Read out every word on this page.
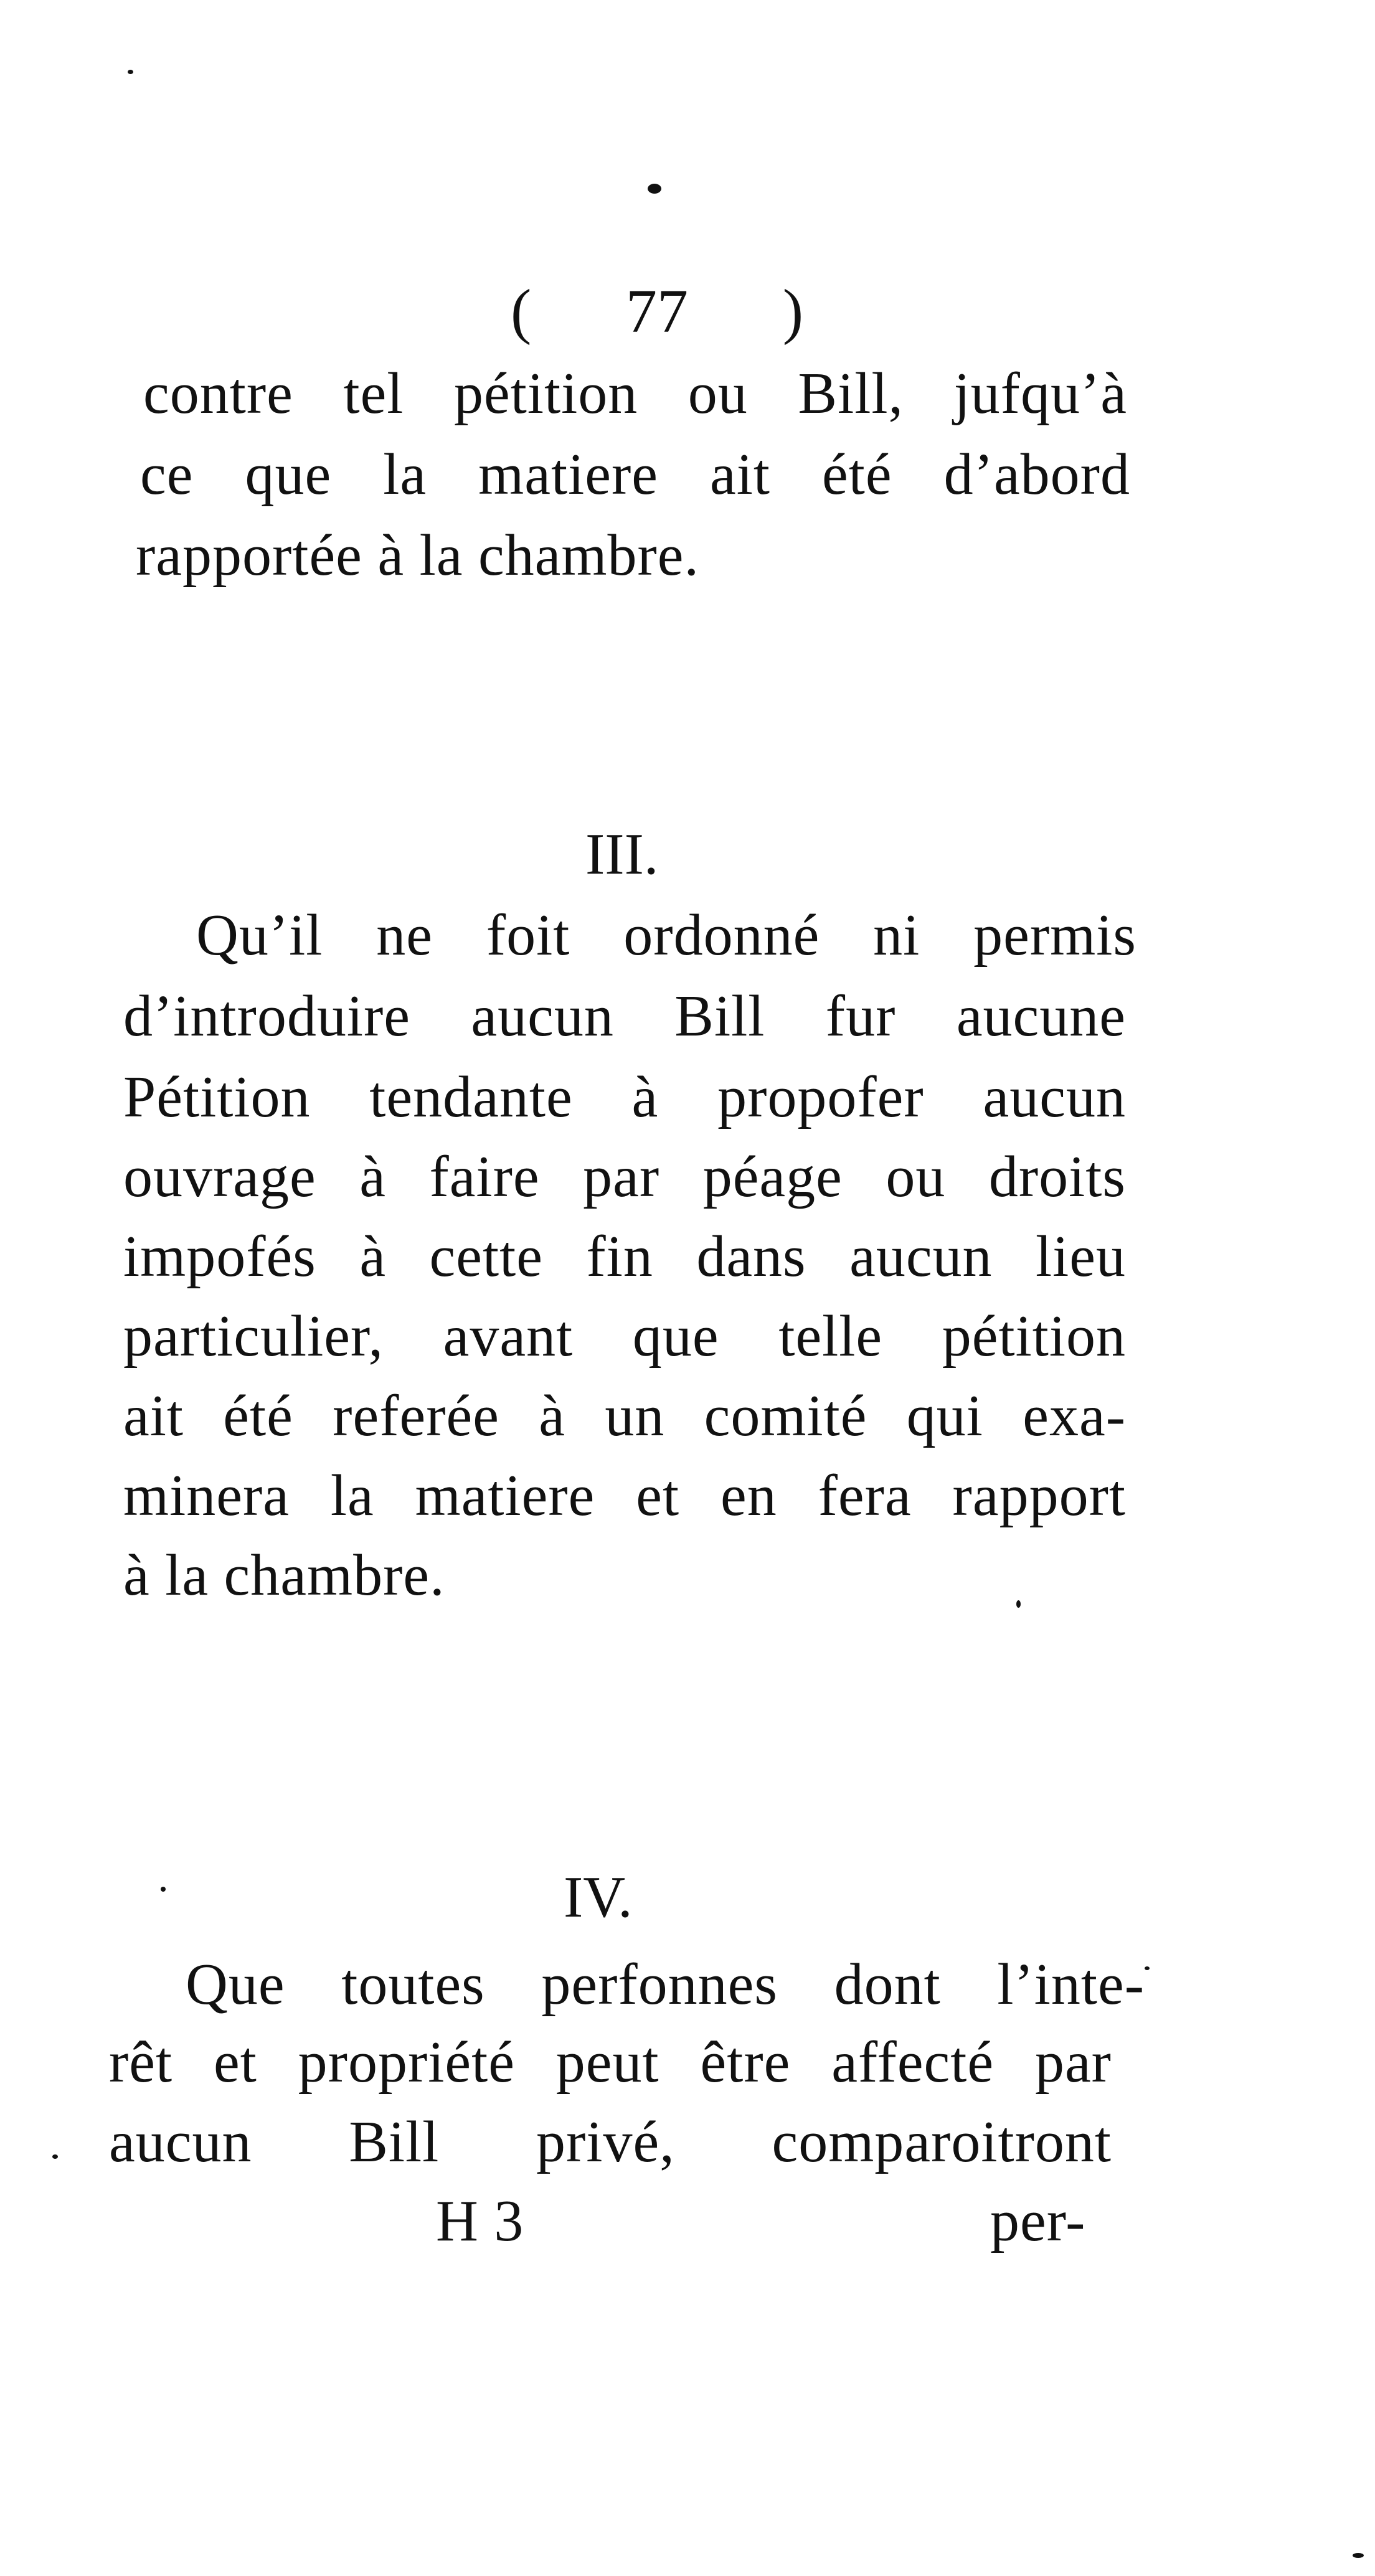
( 77 )
contre tel pétition ou Bill, jufqu’à
ce que la matiere ait été d’abord
rapportée à la chambre.
III.
Qu’il ne foit ordonné ni permis
d’introduire aucun Bill fur aucune
Pétition tendante à propofer aucun
ouvrage à faire par péage ou droits
impofés à cette fin dans aucun lieu
particulier, avant que telle pétition
ait été referée à un comité qui exa-
minera la matiere et en fera rapport
à la chambre.
IV.
Que toutes perfonnes dont l’inte-
rêt et propriété peut être affecté par
aucun Bill privé, comparoitront
H 3	per-
